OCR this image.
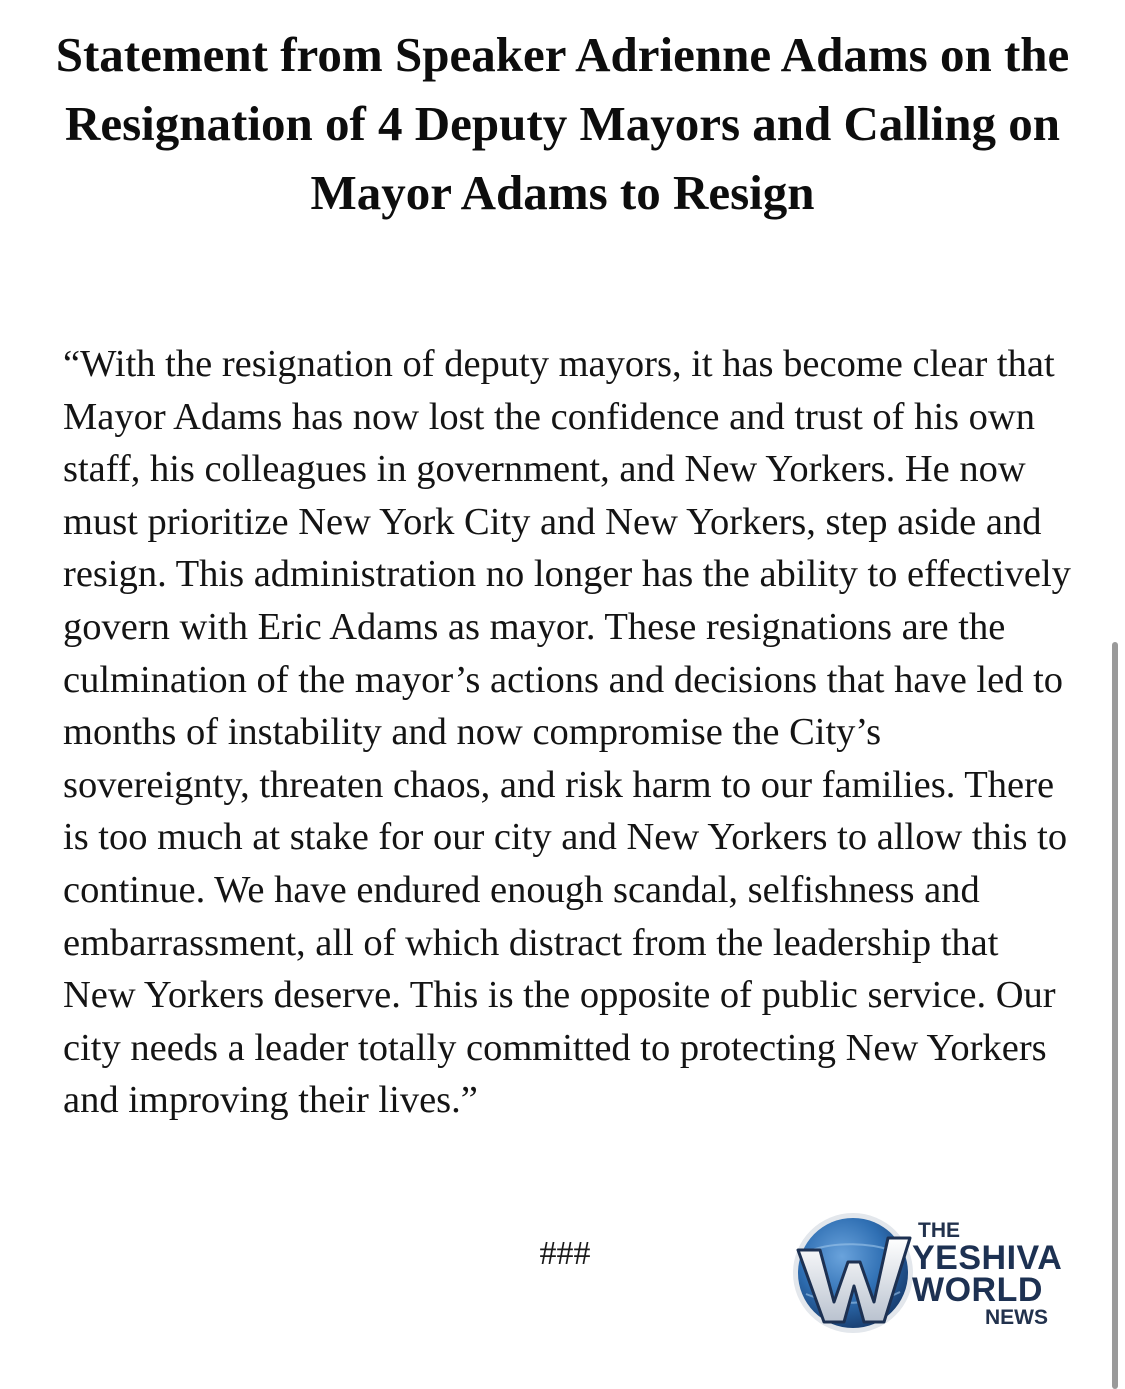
Statement from Speaker Adrienne Adams on the Resignation of 4 Deputy Mayors and Calling on Mayor Adams to Resign

“With the resignation of deputy mayors, it has become clear that Mayor Adams has now lost the confidence and trust of his own staff, his colleagues in government, and New Yorkers. He now must prioritize New York City and New Yorkers, step aside and resign. This administration no longer has the ability to effectively govern with Eric Adams as mayor. These resignations are the culmination of the mayor’s actions and decisions that have led to months of instability and now compromise the City’s sovereignty, threaten chaos, and risk harm to our families. There is too much at stake for our city and New Yorkers to allow this to continue. We have endured enough scandal, selfishness and embarrassment, all of which distract from the leadership that New Yorkers deserve. This is the opposite of public service. Our city needs a leader totally committed to protecting New Yorkers and improving their lives.”

###
THE
YESHIVA
WORLD
NEWS
